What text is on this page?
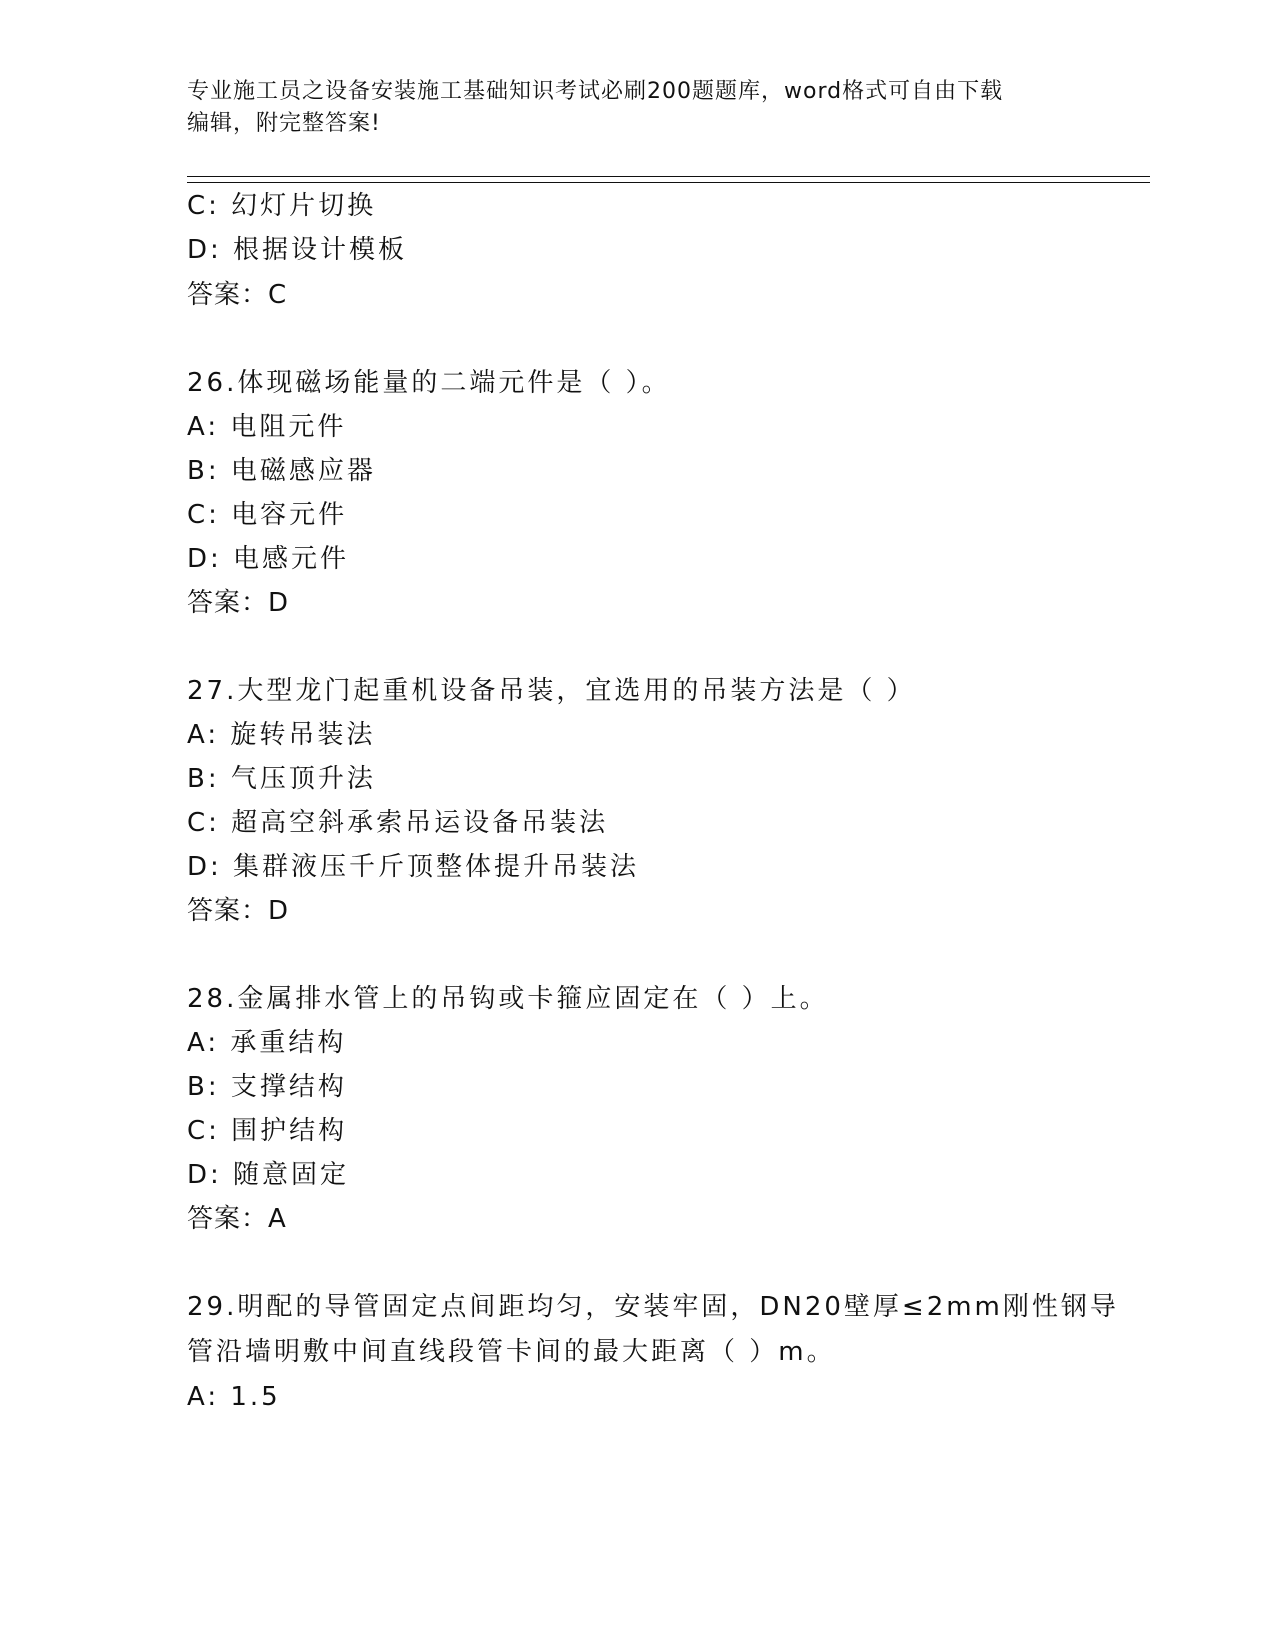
专业施工员之设备安装施工基础知识考试必刷200题题库，word格式可自由下载
编辑，附完整答案!
C: 幻灯片切换
D: 根据设计模板
答案：C
26.体现磁场能量的二端元件是（ ）。
A: 电阻元件
B: 电磁感应器
C: 电容元件
D: 电感元件
答案：D
27.大型龙门起重机设备吊装，宜选用的吊装方法是（ ）
A: 旋转吊装法
B: 气压顶升法
C: 超高空斜承索吊运设备吊装法
D: 集群液压千斤顶整体提升吊装法
答案：D
28.金属排水管上的吊钩或卡箍应固定在（ ）上。
A: 承重结构
B: 支撑结构
C: 围护结构
D: 随意固定
答案：A
29.明配的导管固定点间距均匀，安装牢固，DN20壁厚≤2mm刚性钢导
管沿墙明敷中间直线段管卡间的最大距离（ ）m。
A: 1.5
